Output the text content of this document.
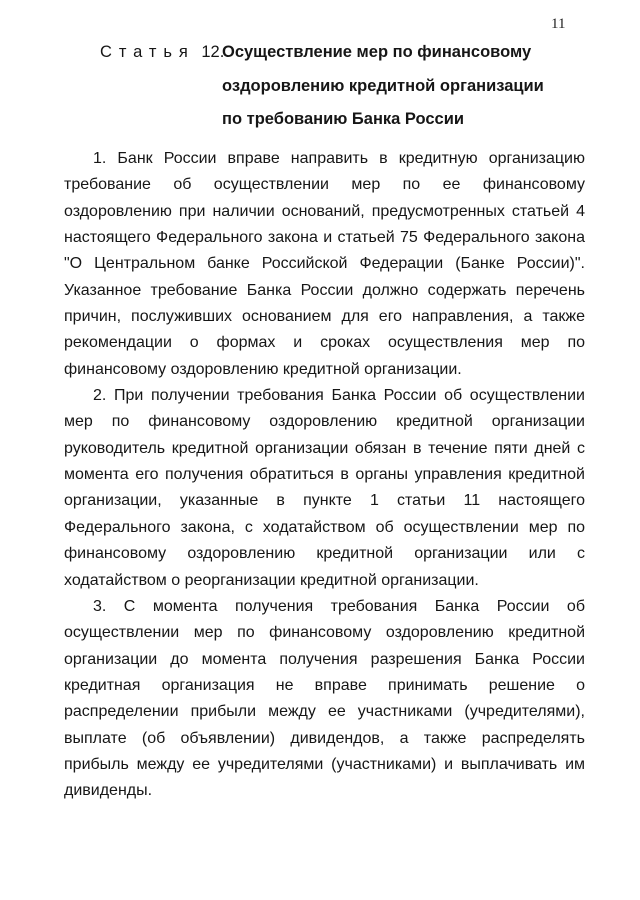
11
Статья 12.
Осуществление мер по финансовому
оздоровлению кредитной организации
по требованию Банка России

1. Банк России вправе направить в кредитную организацию требование об осуществлении мер по ее финансовому оздоровлению при наличии оснований, предусмотренных статьей 4 настоящего Федерального закона и статьей 75 Федерального закона "О Центральном банке Российской Федерации (Банке России)". Указанное требование Банка России должно содержать перечень причин, послуживших основанием для его направления, а также рекомендации о формах и сроках осуществления мер по финансовому оздоровлению кредитной организации.

2. При получении требования Банка России об осуществлении мер по финансовому оздоровлению кредитной организации руководитель кредитной организации обязан в течение пяти дней с момента его получения обратиться в органы управления кредитной организации, указанные в пункте 1 статьи 11 настоящего Федерального закона, с ходатайством об осуществлении мер по финансовому оздоровлению кредитной организации или с ходатайством о реорганизации кредитной организации.

3. С момента получения требования Банка России об осуществлении мер по финансовому оздоровлению кредитной организации до момента получения разрешения Банка России кредитная организация не вправе принимать решение о распределении прибыли между ее участниками (учредителями), выплате (об объявлении) дивидендов, а также распределять прибыль между ее учредителями (участниками) и выплачивать им дивиденды.
